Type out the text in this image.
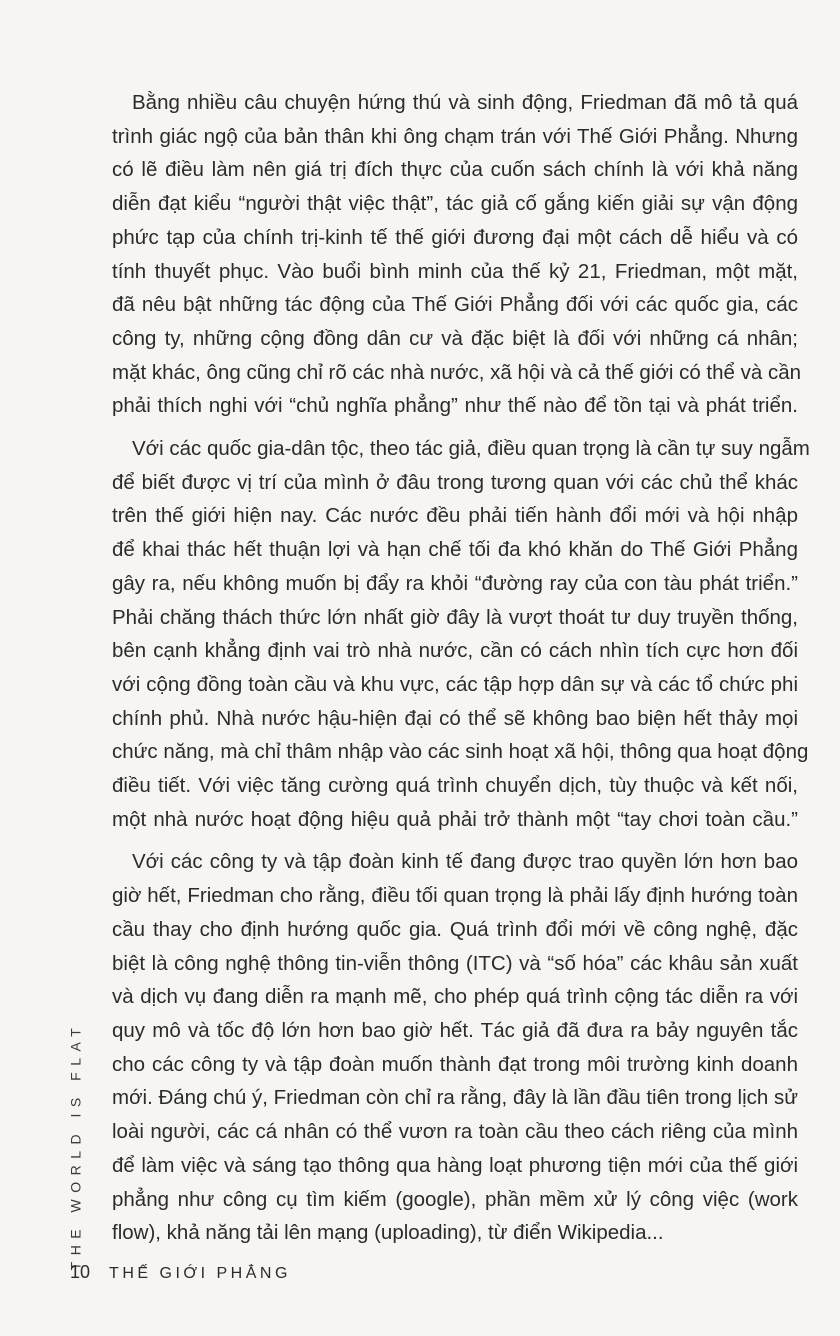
Bằng nhiều câu chuyện hứng thú và sinh động, Friedman đã mô tả quá
trình giác ngộ của bản thân khi ông chạm trán với Thế Giới Phẳng. Nhưng
có lẽ điều làm nên giá trị đích thực của cuốn sách chính là với khả năng
diễn đạt kiểu “người thật việc thật”, tác giả cố gắng kiến giải sự vận động
phức tạp của chính trị-kinh tế thế giới đương đại một cách dễ hiểu và có
tính thuyết phục. Vào buổi bình minh của thế kỷ 21, Friedman, một mặt,
đã nêu bật những tác động của Thế Giới Phẳng đối với các quốc gia, các
công ty, những cộng đồng dân cư và đặc biệt là đối với những cá nhân;
mặt khác, ông cũng chỉ rõ các nhà nước, xã hội và cả thế giới có thể và cần
phải thích nghi với “chủ nghĩa phẳng” như thế nào để tồn tại và phát triển.
Với các quốc gia-dân tộc, theo tác giả, điều quan trọng là cần tự suy ngẫm
để biết được vị trí của mình ở đâu trong tương quan với các chủ thể khác
trên thế giới hiện nay. Các nước đều phải tiến hành đổi mới và hội nhập
để khai thác hết thuận lợi và hạn chế tối đa khó khăn do Thế Giới Phẳng
gây ra, nếu không muốn bị đẩy ra khỏi “đường ray của con tàu phát triển.”
Phải chăng thách thức lớn nhất giờ đây là vượt thoát tư duy truyền thống,
bên cạnh khẳng định vai trò nhà nước, cần có cách nhìn tích cực hơn đối
với cộng đồng toàn cầu và khu vực, các tập hợp dân sự và các tổ chức phi
chính phủ. Nhà nước hậu-hiện đại có thể sẽ không bao biện hết thảy mọi
chức năng, mà chỉ thâm nhập vào các sinh hoạt xã hội, thông qua hoạt động
điều tiết. Với việc tăng cường quá trình chuyển dịch, tùy thuộc và kết nối,
một nhà nước hoạt động hiệu quả phải trở thành một “tay chơi toàn cầu.”
Với các công ty và tập đoàn kinh tế đang được trao quyền lớn hơn bao
giờ hết, Friedman cho rằng, điều tối quan trọng là phải lấy định hướng toàn
cầu thay cho định hướng quốc gia. Quá trình đổi mới về công nghệ, đặc
biệt là công nghệ thông tin-viễn thông (ITC) và “số hóa” các khâu sản xuất
và dịch vụ đang diễn ra mạnh mẽ, cho phép quá trình cộng tác diễn ra với
quy mô và tốc độ lớn hơn bao giờ hết. Tác giả đã đưa ra bảy nguyên tắc
cho các công ty và tập đoàn muốn thành đạt trong môi trường kinh doanh
mới. Đáng chú ý, Friedman còn chỉ ra rằng, đây là lần đầu tiên trong lịch sử
loài người, các cá nhân có thể vươn ra toàn cầu theo cách riêng của mình
để làm việc và sáng tạo thông qua hàng loạt phương tiện mới của thế giới
phẳng như công cụ tìm kiếm (google), phần mềm xử lý công việc (work
flow), khả năng tải lên mạng (uploading), từ điển Wikipedia...
THE WORLD IS FLAT
10 THẾ GIỚI PHẲNG
